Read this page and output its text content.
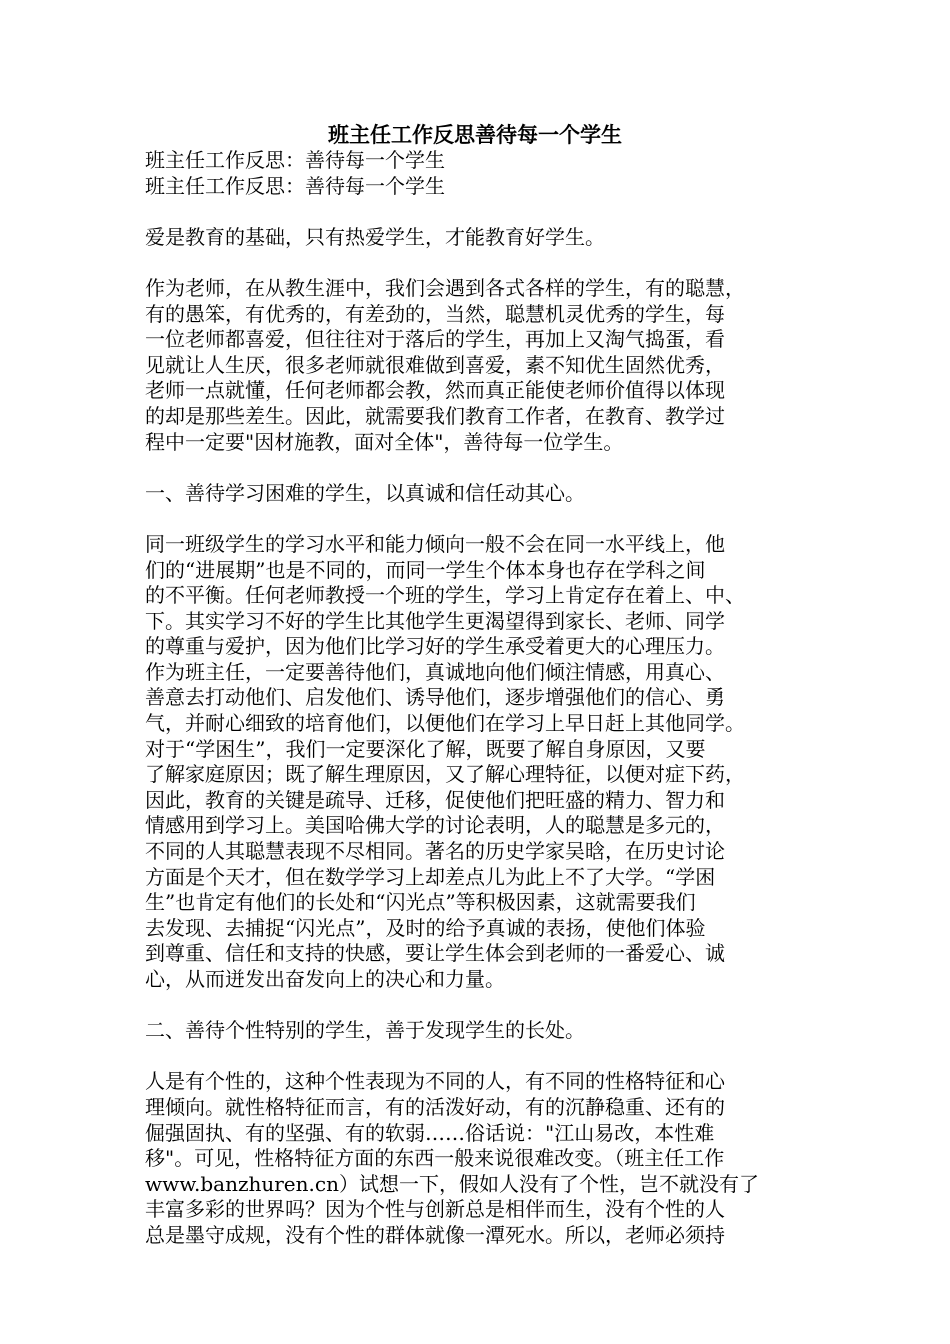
班主任工作反思善待每一个学生

班主任工作反思：善待每一个学生

班主任工作反思：善待每一个学生

爱是教育的基础，只有热爱学生，才能教育好学生。

作为老师，在从教生涯中，我们会遇到各式各样的学生，有的聪慧，

有的愚笨，有优秀的，有差劲的，当然，聪慧机灵优秀的学生，每

一位老师都喜爱，但往往对于落后的学生，再加上又淘气捣蛋，看

见就让人生厌，很多老师就很难做到喜爱，素不知优生固然优秀，

老师一点就懂，任何老师都会教，然而真正能使老师价值得以体现

的却是那些差生。因此，就需要我们教育工作者，在教育、教学过

程中一定要"因材施教，面对全体"，善待每一位学生。

一、善待学习困难的学生，以真诚和信任动其心。

同一班级学生的学习水平和能力倾向一般不会在同一水平线上，他

们的“进展期”也是不同的，而同一学生个体本身也存在学科之间

的不平衡。任何老师教授一个班的学生，学习上肯定存在着上、中、

下。其实学习不好的学生比其他学生更渴望得到家长、老师、同学

的尊重与爱护，因为他们比学习好的学生承受着更大的心理压力。

作为班主任，一定要善待他们，真诚地向他们倾注情感，用真心、

善意去打动他们、启发他们、诱导他们，逐步增强他们的信心、勇

气，并耐心细致的培育他们，以便他们在学习上早日赶上其他同学。

对于“学困生”，我们一定要深化了解，既要了解自身原因，又要

了解家庭原因；既了解生理原因，又了解心理特征，以便对症下药，

因此，教育的关键是疏导、迁移，促使他们把旺盛的精力、智力和

情感用到学习上。美国哈佛大学的讨论表明，人的聪慧是多元的，

不同的人其聪慧表现不尽相同。著名的历史学家吴晗，在历史讨论

方面是个天才，但在数学学习上却差点儿为此上不了大学。“学困

生”也肯定有他们的长处和“闪光点”等积极因素，这就需要我们

去发现、去捕捉“闪光点”，及时的给予真诚的表扬，使他们体验

到尊重、信任和支持的快感，要让学生体会到老师的一番爱心、诚

心，从而迸发出奋发向上的决心和力量。

二、善待个性特别的学生，善于发现学生的长处。

人是有个性的，这种个性表现为不同的人，有不同的性格特征和心

理倾向。就性格特征而言，有的活泼好动，有的沉静稳重、还有的

倔强固执、有的坚强、有的软弱……俗话说："江山易改，本性难

移"。可见，性格特征方面的东西一般来说很难改变。（班主任工作

www.banzhuren.cn）试想一下，假如人没有了个性，岂不就没有了

丰富多彩的世界吗？因为个性与创新总是相伴而生，没有个性的人

总是墨守成规，没有个性的群体就像一潭死水。所以，老师必须持
